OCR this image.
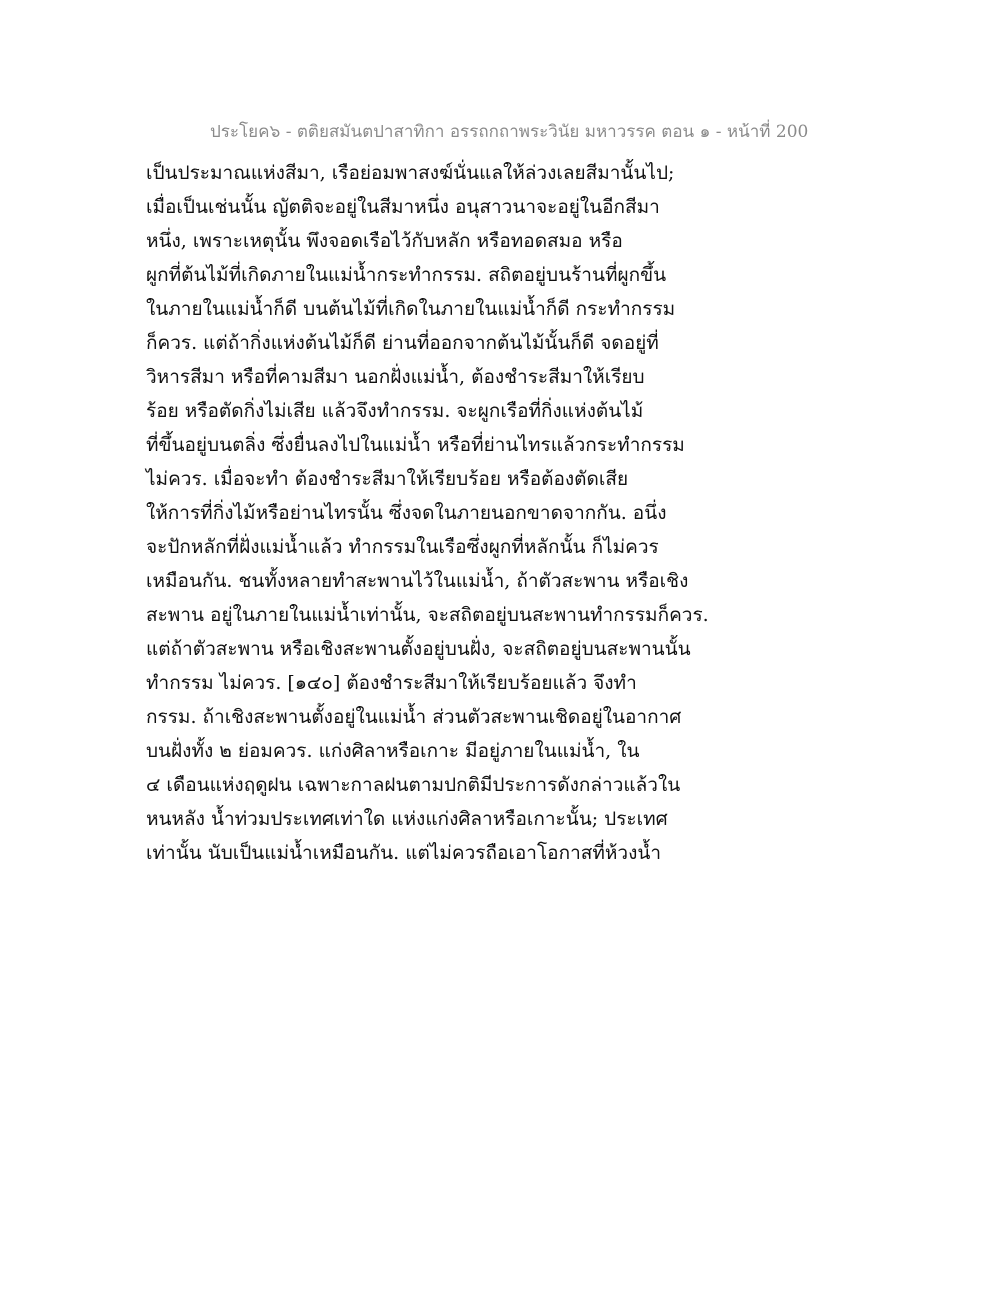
ประโยค๖ - ตติยสมันตปาสาทิกา อรรถกถาพระวินัย มหาวรรค ตอน ๑ - หน้าที่ 200
เป็นประมาณแห่งสีมา, เรือย่อมพาสงฆ์นั่นแลให้ล่วงเลยสีมานั้นไป;
เมื่อเป็นเช่นนั้น ญัตติจะอยู่ในสีมาหนึ่ง อนุสาวนาจะอยู่ในอีกสีมา
หนึ่ง, เพราะเหตุนั้น พึงจอดเรือไว้กับหลัก หรือทอดสมอ หรือ
ผูกที่ต้นไม้ที่เกิดภายในแม่น้ำกระทำกรรม. สถิตอยู่บนร้านที่ผูกขึ้น
ในภายในแม่น้ำก็ดี บนต้นไม้ที่เกิดในภายในแม่น้ำก็ดี กระทำกรรม
ก็ควร. แต่ถ้ากิ่งแห่งต้นไม้ก็ดี ย่านที่ออกจากต้นไม้นั้นก็ดี จดอยู่ที่
วิหารสีมา หรือที่คามสีมา นอกฝั่งแม่น้ำ, ต้องชำระสีมาให้เรียบ
ร้อย หรือตัดกิ่งไม่เสีย แล้วจึงทำกรรม. จะผูกเรือที่กิ่งแห่งต้นไม้
ที่ขึ้นอยู่บนตลิ่ง ซึ่งยื่นลงไปในแม่น้ำ หรือที่ย่านไทรแล้วกระทำกรรม
ไม่ควร. เมื่อจะทำ ต้องชำระสีมาให้เรียบร้อย หรือต้องตัดเสีย
ให้การที่กิ่งไม้หรือย่านไทรนั้น ซึ่งจดในภายนอกขาดจากกัน. อนึ่ง
จะปักหลักที่ฝั่งแม่น้ำแล้ว ทำกรรมในเรือซึ่งผูกที่หลักนั้น ก็ไม่ควร
เหมือนกัน. ชนทั้งหลายทำสะพานไว้ในแม่น้ำ, ถ้าตัวสะพาน หรือเชิง
สะพาน อยู่ในภายในแม่น้ำเท่านั้น, จะสถิตอยู่บนสะพานทำกรรมก็ควร.
แต่ถ้าตัวสะพาน หรือเชิงสะพานตั้งอยู่บนฝั่ง, จะสถิตอยู่บนสะพานนั้น
ทำกรรม ไม่ควร. [๑๔๐] ต้องชำระสีมาให้เรียบร้อยแล้ว จึงทำ
กรรม. ถ้าเชิงสะพานตั้งอยู่ในแม่น้ำ ส่วนตัวสะพานเชิดอยู่ในอากาศ
บนฝั่งทั้ง ๒ ย่อมควร. แก่งศิลาหรือเกาะ มีอยู่ภายในแม่น้ำ, ใน
๔ เดือนแห่งฤดูฝน เฉพาะกาลฝนตามปกติมีประการดังกล่าวแล้วใน
หนหลัง น้ำท่วมประเทศเท่าใด แห่งแก่งศิลาหรือเกาะนั้น; ประเทศ
เท่านั้น นับเป็นแม่น้ำเหมือนกัน. แต่ไม่ควรถือเอาโอกาสที่ห้วงน้ำ
